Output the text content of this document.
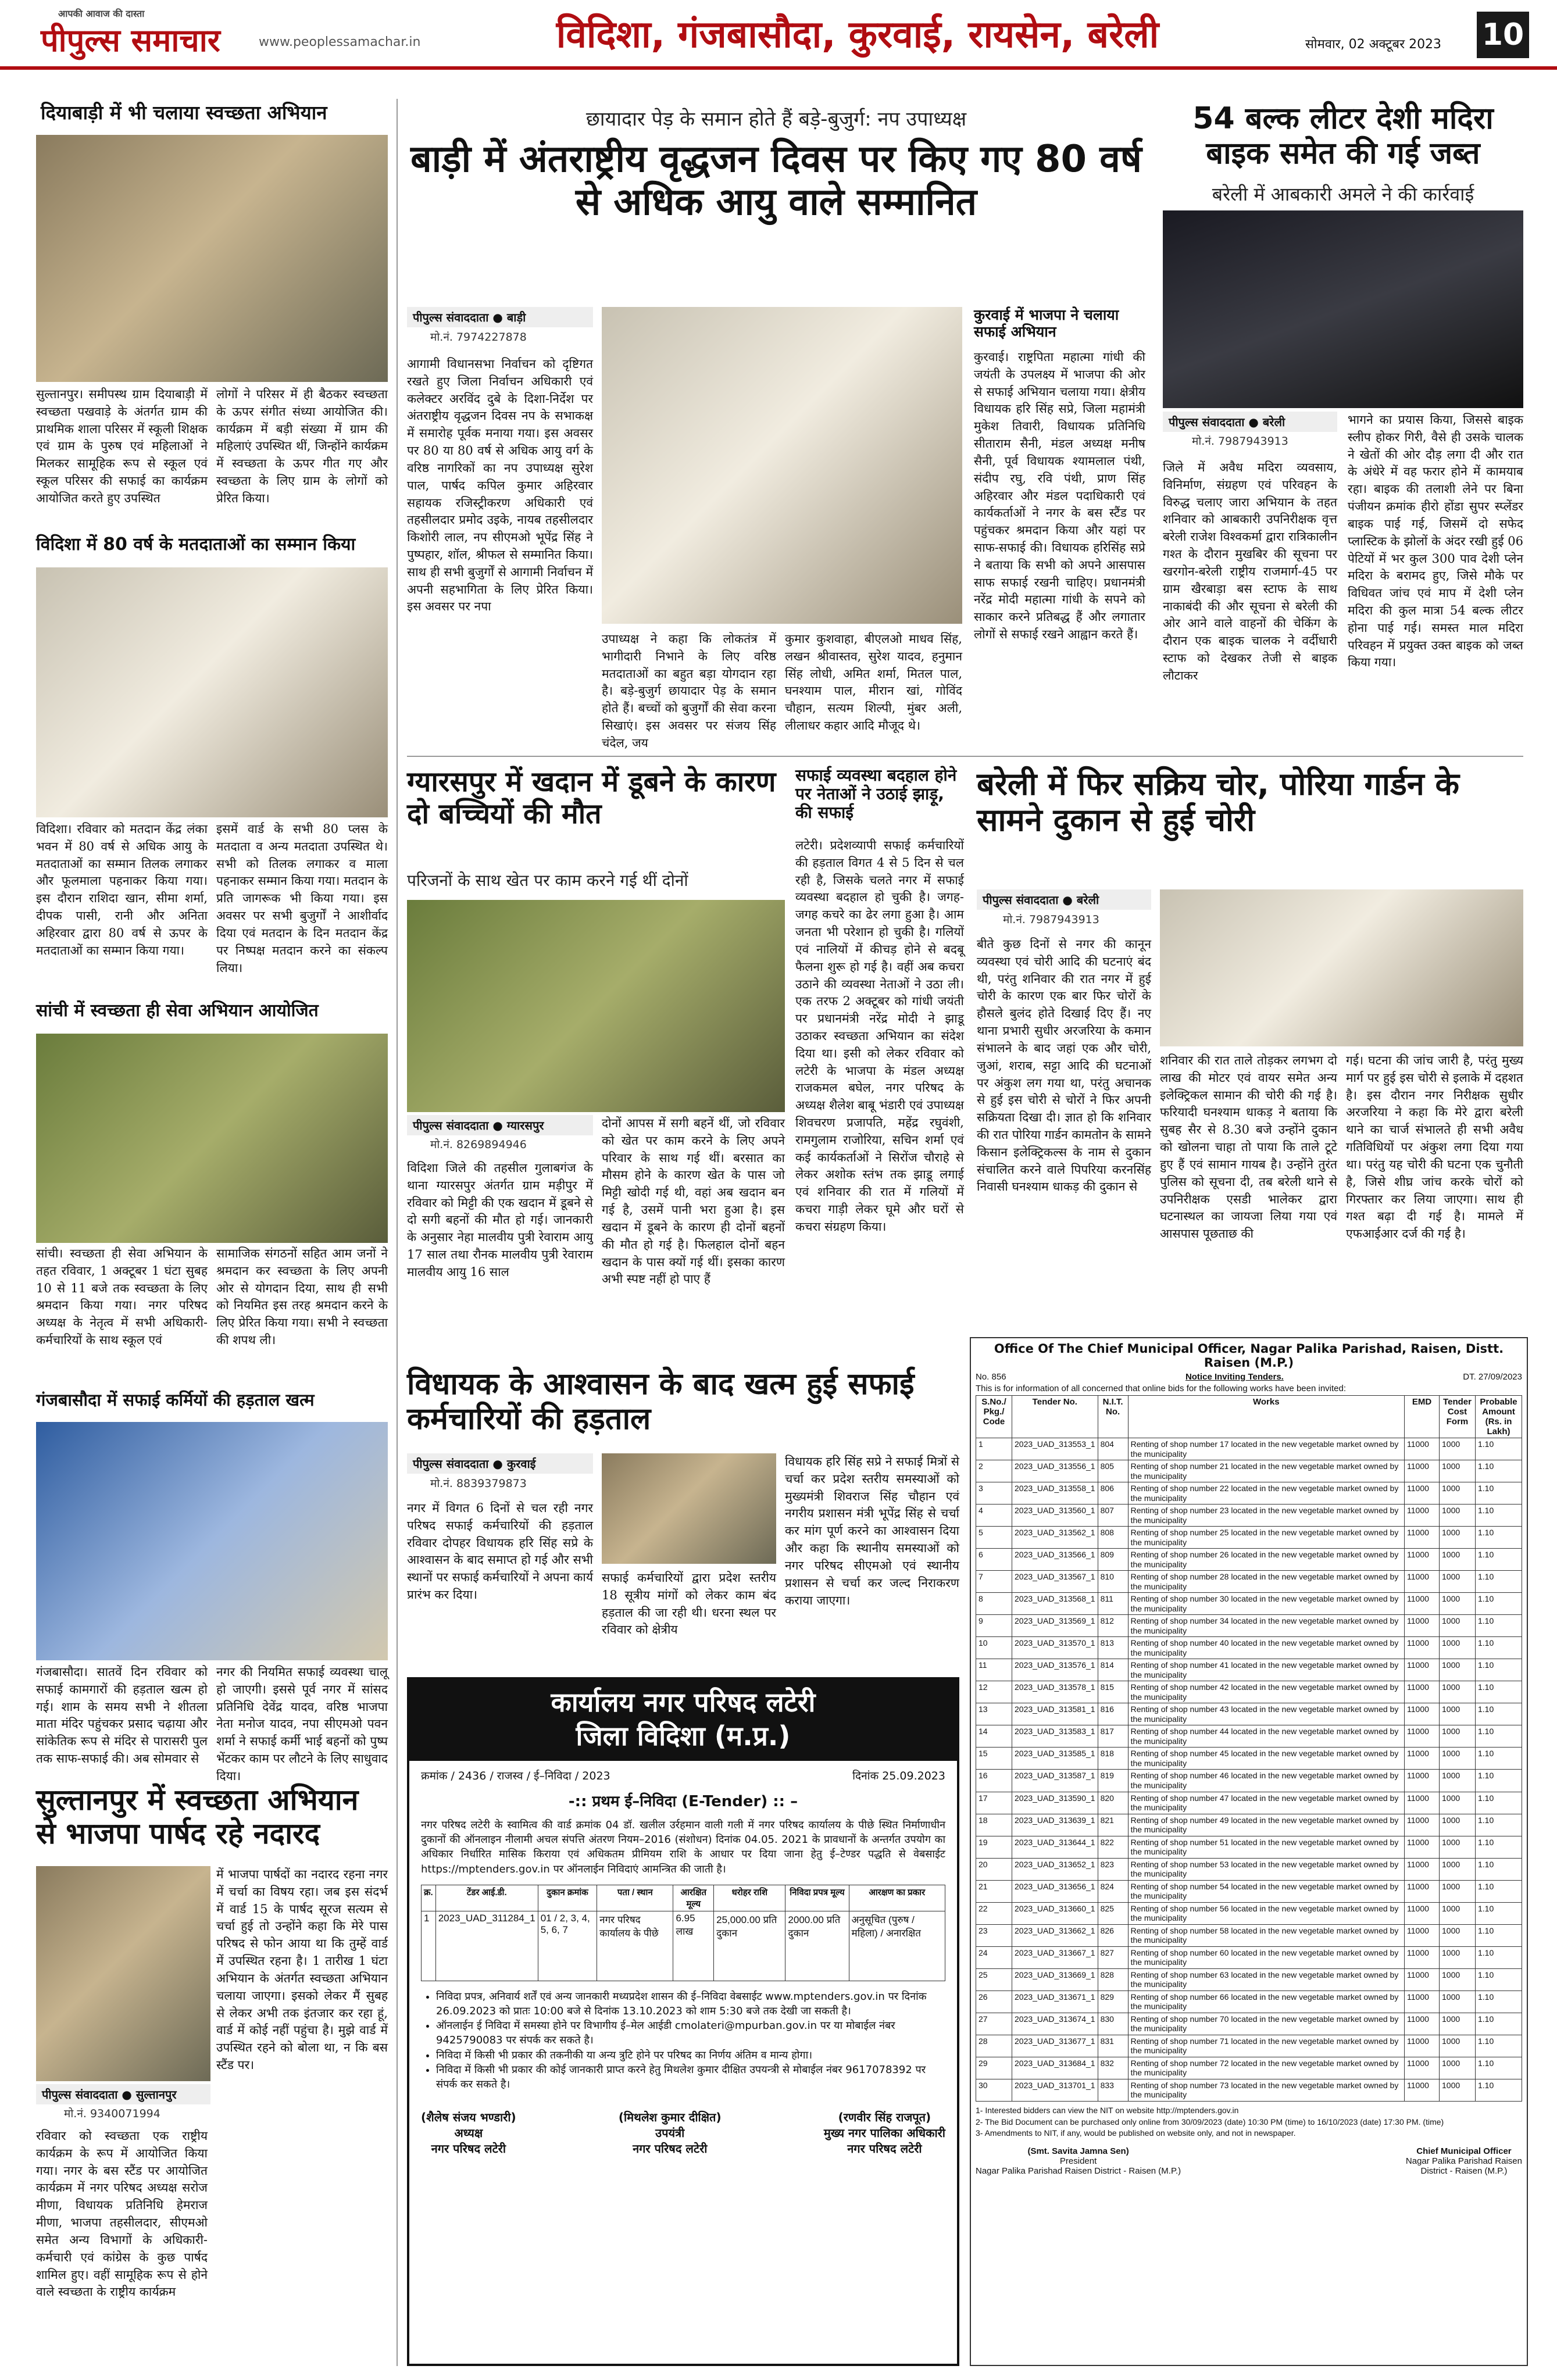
आपकी आवाज की दास्ता
पीपुल्स समाचार	www.peoplessamachar.in	विदिशा, गंजबासौदा, कुरवाई, रायसेन, बरेली	सोमवार, 02 अक्टूबर 2023 10
दियाबाड़ी में भी चलाया स्वच्छता अभियान
सुल्तानपुर। समीपस्थ ग्राम दियाबाड़ी में स्वच्छता पखवाड़े के अंतर्गत ग्राम की प्राथमिक शाला परिसर में स्कूली शिक्षक एवं ग्राम के पुरुष एवं महिलाओं ने मिलकर सामूहिक रूप से स्कूल एवं स्कूल परिसर की सफाई का कार्यक्रम आयोजित करते हुए उपस्थित
लोगों ने परिसर में ही बैठकर स्वच्छता के ऊपर संगीत संध्या आयोजित की। कार्यक्रम में बड़ी संख्या में ग्राम की महिलाएं उपस्थित थीं, जिन्होंने कार्यक्रम में स्वच्छता के ऊपर गीत गए और स्वच्छता के लिए ग्राम के लोगों को प्रेरित किया।
विदिशा में 80 वर्ष के मतदाताओं का सम्मान किया
विदिशा। रविवार को मतदान केंद्र लंका भवन में 80 वर्ष से अधिक आयु के मतदाताओं का सम्मान तिलक लगाकर और फूलमाला पहनाकर किया गया। इस दौरान राशिदा खान, सीमा शर्मा, दीपक पासी, रानी और अनिता अहिरवार द्वारा 80 वर्ष से ऊपर के मतदाताओं का सम्मान किया गया।
इसमें वार्ड के सभी 80 प्लस के मतदाता व अन्य मतदाता उपस्थित थे। सभी को तिलक लगाकर व माला पहनाकर सम्मान किया गया। मतदान के प्रति जागरूक भी किया गया। इस अवसर पर सभी बुजुर्गों ने आशीर्वाद दिया एवं मतदान के दिन मतदान केंद्र पर निष्पक्ष मतदान करने का संकल्प लिया।
सांची में स्वच्छता ही सेवा अभियान आयोजित
सांची। स्वच्छता ही सेवा अभियान के तहत रविवार, 1 अक्टूबर 1 घंटा सुबह 10 से 11 बजे तक स्वच्छता के लिए श्रमदान किया गया। नगर परिषद अध्यक्ष के नेतृत्व में सभी अधिकारी-कर्मचारियों के साथ स्कूल एवं
सामाजिक संगठनों सहित आम जनों ने श्रमदान कर स्वच्छता के लिए अपनी ओर से योगदान दिया, साथ ही सभी को नियमित इस तरह श्रमदान करने के लिए प्रेरित किया गया। सभी ने स्वच्छता की शपथ ली।
गंजबासौदा में सफाई कर्मियों की हड़ताल खत्म
गंजबासौदा। सातवें दिन रविवार को सफाई कामगारों की हड़ताल खत्म हो गई। शाम के समय सभी ने शीतला माता मंदिर पहुंचकर प्रसाद चढ़ाया और सांकेतिक रूप से मंदिर से पारासरी पुल तक साफ-सफाई की। अब सोमवार से
नगर की नियमित सफाई व्यवस्था चालू हो जाएगी। इससे पूर्व नगर में सांसद प्रतिनिधि देवेंद्र यादव, वरिष्ठ भाजपा नेता मनोज यादव, नपा सीएमओ पवन शर्मा ने सफाई कर्मी भाई बहनों को पुष्प भेंटकर काम पर लौटने के लिए साधुवाद दिया।
सुल्तानपुर में स्वच्छता अभियान से भाजपा पार्षद रहे नदारद
पीपुल्स संवाददाता ● सुल्तानपुर
मो.नं. 9340071994
रविवार को स्वच्छता एक राष्ट्रीय कार्यक्रम के रूप में आयोजित किया गया। नगर के बस स्टैंड पर आयोजित कार्यक्रम में नगर परिषद अध्यक्ष सरोज मीणा, विधायक प्रतिनिधि हेमराज मीणा, भाजपा तहसीलदार, सीएमओ समेत अन्य विभागों के अधिकारी-कर्मचारी एवं कांग्रेस के कुछ पार्षद शामिल हुए। वहीं सामूहिक रूप से होने वाले स्वच्छता के राष्ट्रीय कार्यक्रम
में भाजपा पार्षदों का नदारद रहना नगर में चर्चा का विषय रहा। जब इस संदर्भ में वार्ड 15 के पार्षद सूरज सत्यम से चर्चा हुई तो उन्होंने कहा कि मेरे पास परिषद से फोन आया था कि तुम्हें वार्ड में उपस्थित रहना है। 1 तारीख 1 घंटा अभियान के अंतर्गत स्वच्छता अभियान चलाया जाएगा। इसको लेकर मैं सुबह से लेकर अभी तक इंतजार कर रहा हूं, वार्ड में कोई नहीं पहुंचा है। मुझे वार्ड में उपस्थित रहने को बोला था, न कि बस स्टैंड पर।
छायादार पेड़ के समान होते हैं बड़े-बुजुर्ग: नप उपाध्यक्ष
बाड़ी में अंतराष्ट्रीय वृद्धजन दिवस पर किए गए 80 वर्ष से अधिक आयु वाले सम्मानित
पीपुल्स संवाददाता ● बाड़ी
मो.नं. 7974227878
आगामी विधानसभा निर्वाचन को दृष्टिगत रखते हुए जिला निर्वाचन अधिकारी एवं कलेक्टर अरविंद दुबे के दिशा-निर्देश पर अंतराष्ट्रीय वृद्धजन दिवस नप के सभाकक्ष में समारोह पूर्वक मनाया गया। इस अवसर पर 80 या 80 वर्ष से अधिक आयु वर्ग के वरिष्ठ नागरिकों का नप उपाध्यक्ष सुरेश पाल, पार्षद कपिल कुमार अहिरवार सहायक रजिस्ट्रीकरण अधिकारी एवं तहसीलदार प्रमोद उइके, नायब तहसीलदार किशोरी लाल, नप सीएमओ भूपेंद्र सिंह ने पुष्पहार, शॉल, श्रीफल से सम्मानित किया। साथ ही सभी बुजुर्गों से आगामी निर्वाचन में अपनी सहभागिता के लिए प्रेरित किया। इस अवसर पर नपा
उपाध्यक्ष ने कहा कि लोकतंत्र में भागीदारी निभाने के लिए वरिष्ठ मतदाताओं का बहुत बड़ा योगदान रहा है। बड़े-बुजुर्ग छायादार पेड़ के समान होते हैं। बच्चों को बुजुर्गों की सेवा करना सिखाएं। इस अवसर पर संजय सिंह चंदेल, जय
कुमार कुशवाहा, बीएलओ माधव सिंह, लखन श्रीवास्तव, सुरेश यादव, हनुमान सिंह लोधी, अमित शर्मा, मितल पाल, घनश्याम पाल, मीरान खां, गोविंद चौहान, सत्यम शिल्पी, मुंबर अली, लीलाधर कहार आदि मौजूद थे।
कुरवाई में भाजपा ने चलाया सफाई अभियान
कुरवाई। राष्ट्रपिता महात्मा गांधी की जयंती के उपलक्ष्य में भाजपा की ओर से सफाई अभियान चलाया गया। क्षेत्रीय विधायक हरि सिंह सप्रे, जिला महामंत्री मुकेश तिवारी, विधायक प्रतिनिधि सीताराम सैनी, मंडल अध्यक्ष मनीष सैनी, पूर्व विधायक श्यामलाल पंथी, संदीप रघु, रवि पंथी, प्राण सिंह अहिरवार और मंडल पदाधिकारी एवं कार्यकर्ताओं ने नगर के बस स्टैंड पर पहुंचकर श्रमदान किया और यहां पर साफ-सफाई की। विधायक हरिसिंह सप्रे ने बताया कि सभी को अपने आसपास साफ सफाई रखनी चाहिए। प्रधानमंत्री नरेंद्र मोदी महात्मा गांधी के सपने को साकार करने प्रतिबद्ध हैं और लगातार लोगों से सफाई रखने आह्वान करते हैं।
54 बल्क लीटर देशी मदिरा बाइक समेत की गई जब्त
बरेली में आबकारी अमले ने की कार्रवाई
पीपुल्स संवाददाता ● बरेली
मो.नं. 7987943913
जिले में अवैध मदिरा व्यवसाय, विनिर्माण, संग्रहण एवं परिवहन के विरुद्ध चलाए जारा अभियान के तहत शनिवार को आबकारी उपनिरीक्षक वृत्त बरेली राजेश विश्वकर्मा द्वारा रात्रिकालीन गश्त के दौरान मुखबिर की सूचना पर खरगोन-बरेली राष्ट्रीय राजमार्ग-45 पर ग्राम खैरबाड़ा बस स्टाफ के साथ नाकाबंदी की और सूचना से बरेली की ओर आने वाले वाहनों की चेकिंग के दौरान एक बाइक चालक ने वर्दीधारी स्टाफ को देखकर तेजी से बाइक लौटाकर
भागने का प्रयास किया, जिससे बाइक स्लीप होकर गिरी, वैसे ही उसके चालक ने खेतों की ओर दौड़ लगा दी और रात के अंधेरे में वह फरार होने में कामयाब रहा। बाइक की तलाशी लेने पर बिना पंजीयन क्रमांक हीरो होंडा सुपर स्प्लेंडर बाइक पाई गई, जिसमें दो सफेद प्लास्टिक के झोलों के अंदर रखी हुई 06 पेटियों में भर कुल 300 पाव देशी प्लेन मदिरा के बरामद हुए, जिसे मौके पर विधिवत जांच एवं माप में देशी प्लेन मदिरा की कुल मात्रा 54 बल्क लीटर होना पाई गई। समस्त माल मदिरा परिवहन में प्रयुक्त उक्त बाइक को जब्त किया गया।
ग्यारसपुर में खदान में डूबने के कारण दो बच्चियों की मौत
परिजनों के साथ खेत पर काम करने गई थीं दोनों
पीपुल्स संवाददाता ● ग्यारसपुर
मो.नं. 8269894946
विदिशा जिले की तहसील गुलाबगंज के थाना ग्यारसपुर अंतर्गत ग्राम मड़ीपुर में रविवार को मिट्टी की एक खदान में डूबने से दो सगी बहनों की मौत हो गई। जानकारी के अनुसार नेहा मालवीय पुत्री रेवाराम आयु 17 साल तथा रौनक मालवीय पुत्री रेवाराम मालवीय आयु 16 साल
दोनों आपस में सगी बहनें थीं, जो रविवार को खेत पर काम करने के लिए अपने परिवार के साथ गई थीं। बरसात का मौसम होने के कारण खेत के पास जो मिट्टी खोदी गई थी, वहां अब खदान बन गई है, उसमें पानी भरा हुआ है। इस खदान में डूबने के कारण ही दोनों बहनों की मौत हो गई है। फिलहाल दोनों बहन खदान के पास क्यों गई थीं। इसका कारण अभी स्पष्ट नहीं हो पाए हैं
सफाई व्यवस्था बदहाल होने पर नेताओं ने उठाई झाड़ू, की सफाई
लटेरी। प्रदेशव्यापी सफाई कर्मचारियों की हड़ताल विगत 4 से 5 दिन से चल रही है, जिसके चलते नगर में सफाई व्यवस्था बदहाल हो चुकी है। जगह-जगह कचरे का ढेर लगा हुआ है। आम जनता भी परेशान हो चुकी है। गलियों एवं नालियों में कीचड़ होने से बदबू फैलना शुरू हो गई है। वहीं अब कचरा उठाने की व्यवस्था नेताओं ने उठा ली। एक तरफ 2 अक्टूबर को गांधी जयंती पर प्रधानमंत्री नरेंद्र मोदी ने झाडू उठाकर स्वच्छता अभियान का संदेश दिया था। इसी को लेकर रविवार को लटेरी के भाजपा के मंडल अध्यक्ष राजकमल बघेल, नगर परिषद के अध्यक्ष शैलेश बाबू भंडारी एवं उपाध्यक्ष शिवचरण प्रजापति, महेंद्र रघुवंशी, रामगुलाम राजोरिया, सचिन शर्मा एवं कई कार्यकर्ताओं ने सिरोंज चौराहे से लेकर अशोक स्तंभ तक झाडू लगाई एवं शनिवार की रात में गलियों में कचरा गाड़ी लेकर घूमे और घरों से कचरा संग्रहण किया।
बरेली में फिर सक्रिय चोर, पोरिया गार्डन के सामने दुकान से हुई चोरी
पीपुल्स संवाददाता ● बरेली
मो.नं. 7987943913
बीते कुछ दिनों से नगर की कानून व्यवस्था एवं चोरी आदि की घटनाएं बंद थी, परंतु शनिवार की रात नगर में हुई चोरी के कारण एक बार फिर चोरों के हौसले बुलंद होते दिखाई दिए हैं। नए थाना प्रभारी सुधीर अरजरिया के कमान संभालने के बाद जहां एक और चोरी, जुआं, शराब, सट्टा आदि की घटनाओं पर अंकुश लग गया था, परंतु अचानक से हुई इस चोरी से चोरों ने फिर अपनी सक्रियता दिखा दी। ज्ञात हो कि शनिवार की रात पोरिया गार्डन कामतोन के सामने किसान इलेक्ट्रिकल्स के नाम से दुकान संचालित करने वाले पिपरिया करनसिंह निवासी घनश्याम धाकड़ की दुकान से
शनिवार की रात ताले तोड़कर लगभग दो लाख की मोटर एवं वायर समेत अन्य इलेक्ट्रिकल सामान की चोरी की गई है। फरियादी घनश्याम धाकड़ ने बताया कि सुबह सैर से 8.30 बजे उन्होंने दुकान को खोलना चाहा तो पाया कि ताले टूटे हुए हैं एवं सामान गायब है। उन्होंने तुरंत पुलिस को सूचना दी, तब बरेली थाने से उपनिरीक्षक एसडी भालेकर द्वारा घटनास्थल का जायजा लिया गया एवं आसपास पूछताछ की
गई। घटना की जांच जारी है, परंतु मुख्य मार्ग पर हुई इस चोरी से इलाके में दहशत है। इस दौरान नगर निरीक्षक सुधीर अरजरिया ने कहा कि मेरे द्वारा बरेली थाने का चार्ज संभालते ही सभी अवैध गतिविधियों पर अंकुश लगा दिया गया था। परंतु यह चोरी की घटना एक चुनौती है, जिसे शीघ्र जांच करके चोरों को गिरफ्तार कर लिया जाएगा। साथ ही गश्त बढ़ा दी गई है। मामले में एफआईआर दर्ज की गई है।
विधायक के आश्वासन के बाद खत्म हुई सफाई कर्मचारियों की हड़ताल
पीपुल्स संवाददाता ● कुरवाई
मो.नं. 8839379873
नगर में विगत 6 दिनों से चल रही नगर परिषद सफाई कर्मचारियों की हड़ताल रविवार दोपहर विधायक हरि सिंह सप्रे के आश्वासन के बाद समाप्त हो गई और सभी स्थानों पर सफाई कर्मचारियों ने अपना कार्य प्रारंभ कर दिया।
सफाई कर्मचारियों द्वारा प्रदेश स्तरीय 18 सूत्रीय मांगों को लेकर काम बंद हड़ताल की जा रही थी। धरना स्थल पर रविवार को क्षेत्रीय
विधायक हरि सिंह सप्रे ने सफाई मित्रों से चर्चा कर प्रदेश स्तरीय समस्याओं को मुख्यमंत्री शिवराज सिंह चौहान एवं नगरीय प्रशासन मंत्री भूपेंद्र सिंह से चर्चा कर मांग पूर्ण करने का आश्वासन दिया और कहा कि स्थानीय समस्याओं को नगर परिषद सीएमओ एवं स्थानीय प्रशासन से चर्चा कर जल्द निराकरण कराया जाएगा।
कार्यालय नगर परिषद लटेरी
जिला विदिशा (म.प्र.)
क्रमांक / 2436 / राजस्व / ई–निविदा / 2023	दिनांक 25.09.2023
-:: प्रथम ई–निविदा (E-Tender) :: –
नगर परिषद लटेरी के स्वामित्व की वार्ड क्रमांक 04 डॉ. खलील उर्रहमान वाली गली में नगर परिषद कार्यालय के पीछे स्थित निर्माणाधीन दुकानों की ऑनलाइन नीलामी अचल संपत्ति अंतरण नियम–2016 (संशोधन) दिनांक 04.05. 2021 के प्रावधानों के अन्तर्गत उपयोग का अधिकार निर्धारित मासिक किराया एवं अधिकतम प्रीमियम राशि के आधार पर दिया जाना हेतु ई–टेण्डर पद्धति से वेबसाईट https://mptenders.gov.in पर ऑनलाईन निविदाएं आमन्त्रित की जाती है।
क्र.	टेंडर आई.डी.	दुकान क्रमांक	पता / स्थान	आरक्षित मूल्य	धरोहर राशि	निविदा प्रपत्र मूल्य	आरक्षण का प्रकार
1	2023_UAD_311284_1	01 / 2, 3, 4, 5, 6, 7	नगर परिषद कार्यालय के पीछे	6.95 लाख	25,000.00 प्रति दुकान	2000.00 प्रति दुकान	अनुसूचित (पुरुष / महिला) / अनारक्षित
• निविदा प्रपत्र, अनिवार्य शर्तें एवं अन्य जानकारी मध्यप्रदेश शासन की ई–निविदा वेबसाईट www.mptenders.gov.in पर दिनांक 26.09.2023 को प्रातः 10:00 बजे से दिनांक 13.10.2023 को शाम 5:30 बजे तक देखी जा सकती है।
• ऑनलाईन ई निविदा में समस्या होने पर विभागीय ई–मेल आईडी cmolateri@mpurban.gov.in पर या मोबाईल नंबर 9425790083 पर संपर्क कर सकते है।
• निविदा में किसी भी प्रकार की तकनीकी या अन्य त्रुटि होने पर परिषद का निर्णय अंतिम व मान्य होगा।
• निविदा में किसी भी प्रकार की कोई जानकारी प्राप्त करने हेतु मिथलेश कुमार दीक्षित उपयन्त्री से मोबाईल नंबर 9617078392 पर संपर्क कर सकते है।
(शैलेष संजय भण्डारी)
अध्यक्ष
नगर परिषद लटेरी
(मिथलेश कुमार दीक्षित)
उपयंत्री
नगर परिषद लटेरी
(रणवीर सिंह राजपूत)
मुख्य नगर पालिका अधिकारी
नगर परिषद लटेरी
Office Of The Chief Municipal Officer, Nagar Palika Parishad, Raisen, Distt. Raisen (M.P.)
No. 856	Notice Inviting Tenders.	DT. 27/09/2023
This is for information of all concerned that online bids for the following works have been invited:
S.No./ Pkg./ Code	Tender No.	N.I.T. No.	Works	EMD	Tender Cost Form	Probable Amount (Rs. in Lakh)
1	2023_UAD_313553_1	804	Renting of shop number 17 located in the new vegetable market owned by the municipality	11000	1000	1.10
2	2023_UAD_313556_1	805	Renting of shop number 21 located in the new vegetable market owned by the municipality	11000	1000	1.10
3	2023_UAD_313558_1	806	Renting of shop number 22 located in the new vegetable market owned by the municipality	11000	1000	1.10
4	2023_UAD_313560_1	807	Renting of shop number 23 located in the new vegetable market owned by the municipality	11000	1000	1.10
5	2023_UAD_313562_1	808	Renting of shop number 25 located in the new vegetable market owned by the municipality	11000	1000	1.10
6	2023_UAD_313566_1	809	Renting of shop number 26 located in the new vegetable market owned by the municipality	11000	1000	1.10
7	2023_UAD_313567_1	810	Renting of shop number 28 located in the new vegetable market owned by the municipality	11000	1000	1.10
8	2023_UAD_313568_1	811	Renting of shop number 30 located in the new vegetable market owned by the municipality	11000	1000	1.10
9	2023_UAD_313569_1	812	Renting of shop number 34 located in the new vegetable market owned by the municipality	11000	1000	1.10
10	2023_UAD_313570_1	813	Renting of shop number 40 located in the new vegetable market owned by the municipality	11000	1000	1.10
11	2023_UAD_313576_1	814	Renting of shop number 41 located in the new vegetable market owned by the municipality	11000	1000	1.10
12	2023_UAD_313578_1	815	Renting of shop number 42 located in the new vegetable market owned by the municipality	11000	1000	1.10
13	2023_UAD_313581_1	816	Renting of shop number 43 located in the new vegetable market owned by the municipality	11000	1000	1.10
14	2023_UAD_313583_1	817	Renting of shop number 44 located in the new vegetable market owned by the municipality	11000	1000	1.10
15	2023_UAD_313585_1	818	Renting of shop number 45 located in the new vegetable market owned by the municipality	11000	1000	1.10
16	2023_UAD_313587_1	819	Renting of shop number 46 located in the new vegetable market owned by the municipality	11000	1000	1.10
17	2023_UAD_313590_1	820	Renting of shop number 47 located in the new vegetable market owned by the municipality	11000	1000	1.10
18	2023_UAD_313639_1	821	Renting of shop number 49 located in the new vegetable market owned by the municipality	11000	1000	1.10
19	2023_UAD_313644_1	822	Renting of shop number 51 located in the new vegetable market owned by the municipality	11000	1000	1.10
20	2023_UAD_313652_1	823	Renting of shop number 53 located in the new vegetable market owned by the municipality	11000	1000	1.10
21	2023_UAD_313656_1	824	Renting of shop number 54 located in the new vegetable market owned by the municipality	11000	1000	1.10
22	2023_UAD_313660_1	825	Renting of shop number 56 located in the new vegetable market owned by the municipality	11000	1000	1.10
23	2023_UAD_313662_1	826	Renting of shop number 58 located in the new vegetable market owned by the municipality	11000	1000	1.10
24	2023_UAD_313667_1	827	Renting of shop number 60 located in the new vegetable market owned by the municipality	11000	1000	1.10
25	2023_UAD_313669_1	828	Renting of shop number 63 located in the new vegetable market owned by the municipality	11000	1000	1.10
26	2023_UAD_313671_1	829	Renting of shop number 66 located in the new vegetable market owned by the municipality	11000	1000	1.10
27	2023_UAD_313674_1	830	Renting of shop number 70 located in the new vegetable market owned by the municipality	11000	1000	1.10
28	2023_UAD_313677_1	831	Renting of shop number 71 located in the new vegetable market owned by the municipality	11000	1000	1.10
29	2023_UAD_313684_1	832	Renting of shop number 72 located in the new vegetable market owned by the municipality	11000	1000	1.10
30	2023_UAD_313701_1	833	Renting of shop number 73 located in the new vegetable market owned by the municipality	11000	1000	1.10
1- Interested bidders can view the NIT on website http://mptenders.gov.in
2- The Bid Document can be purchased only online from 30/09/2023 (date) 10:30 PM (time) to 16/10/2023 (date) 17:30 PM. (time)
3- Amendments to NIT, if any, would be published on website only, and not in newspaper.
(Smt. Savita Jamna Sen)
President
Nagar Palika Parishad Raisen District - Raisen (M.P.)
Chief Municipal Officer
Nagar Palika Parishad Raisen
District - Raisen (M.P.)
